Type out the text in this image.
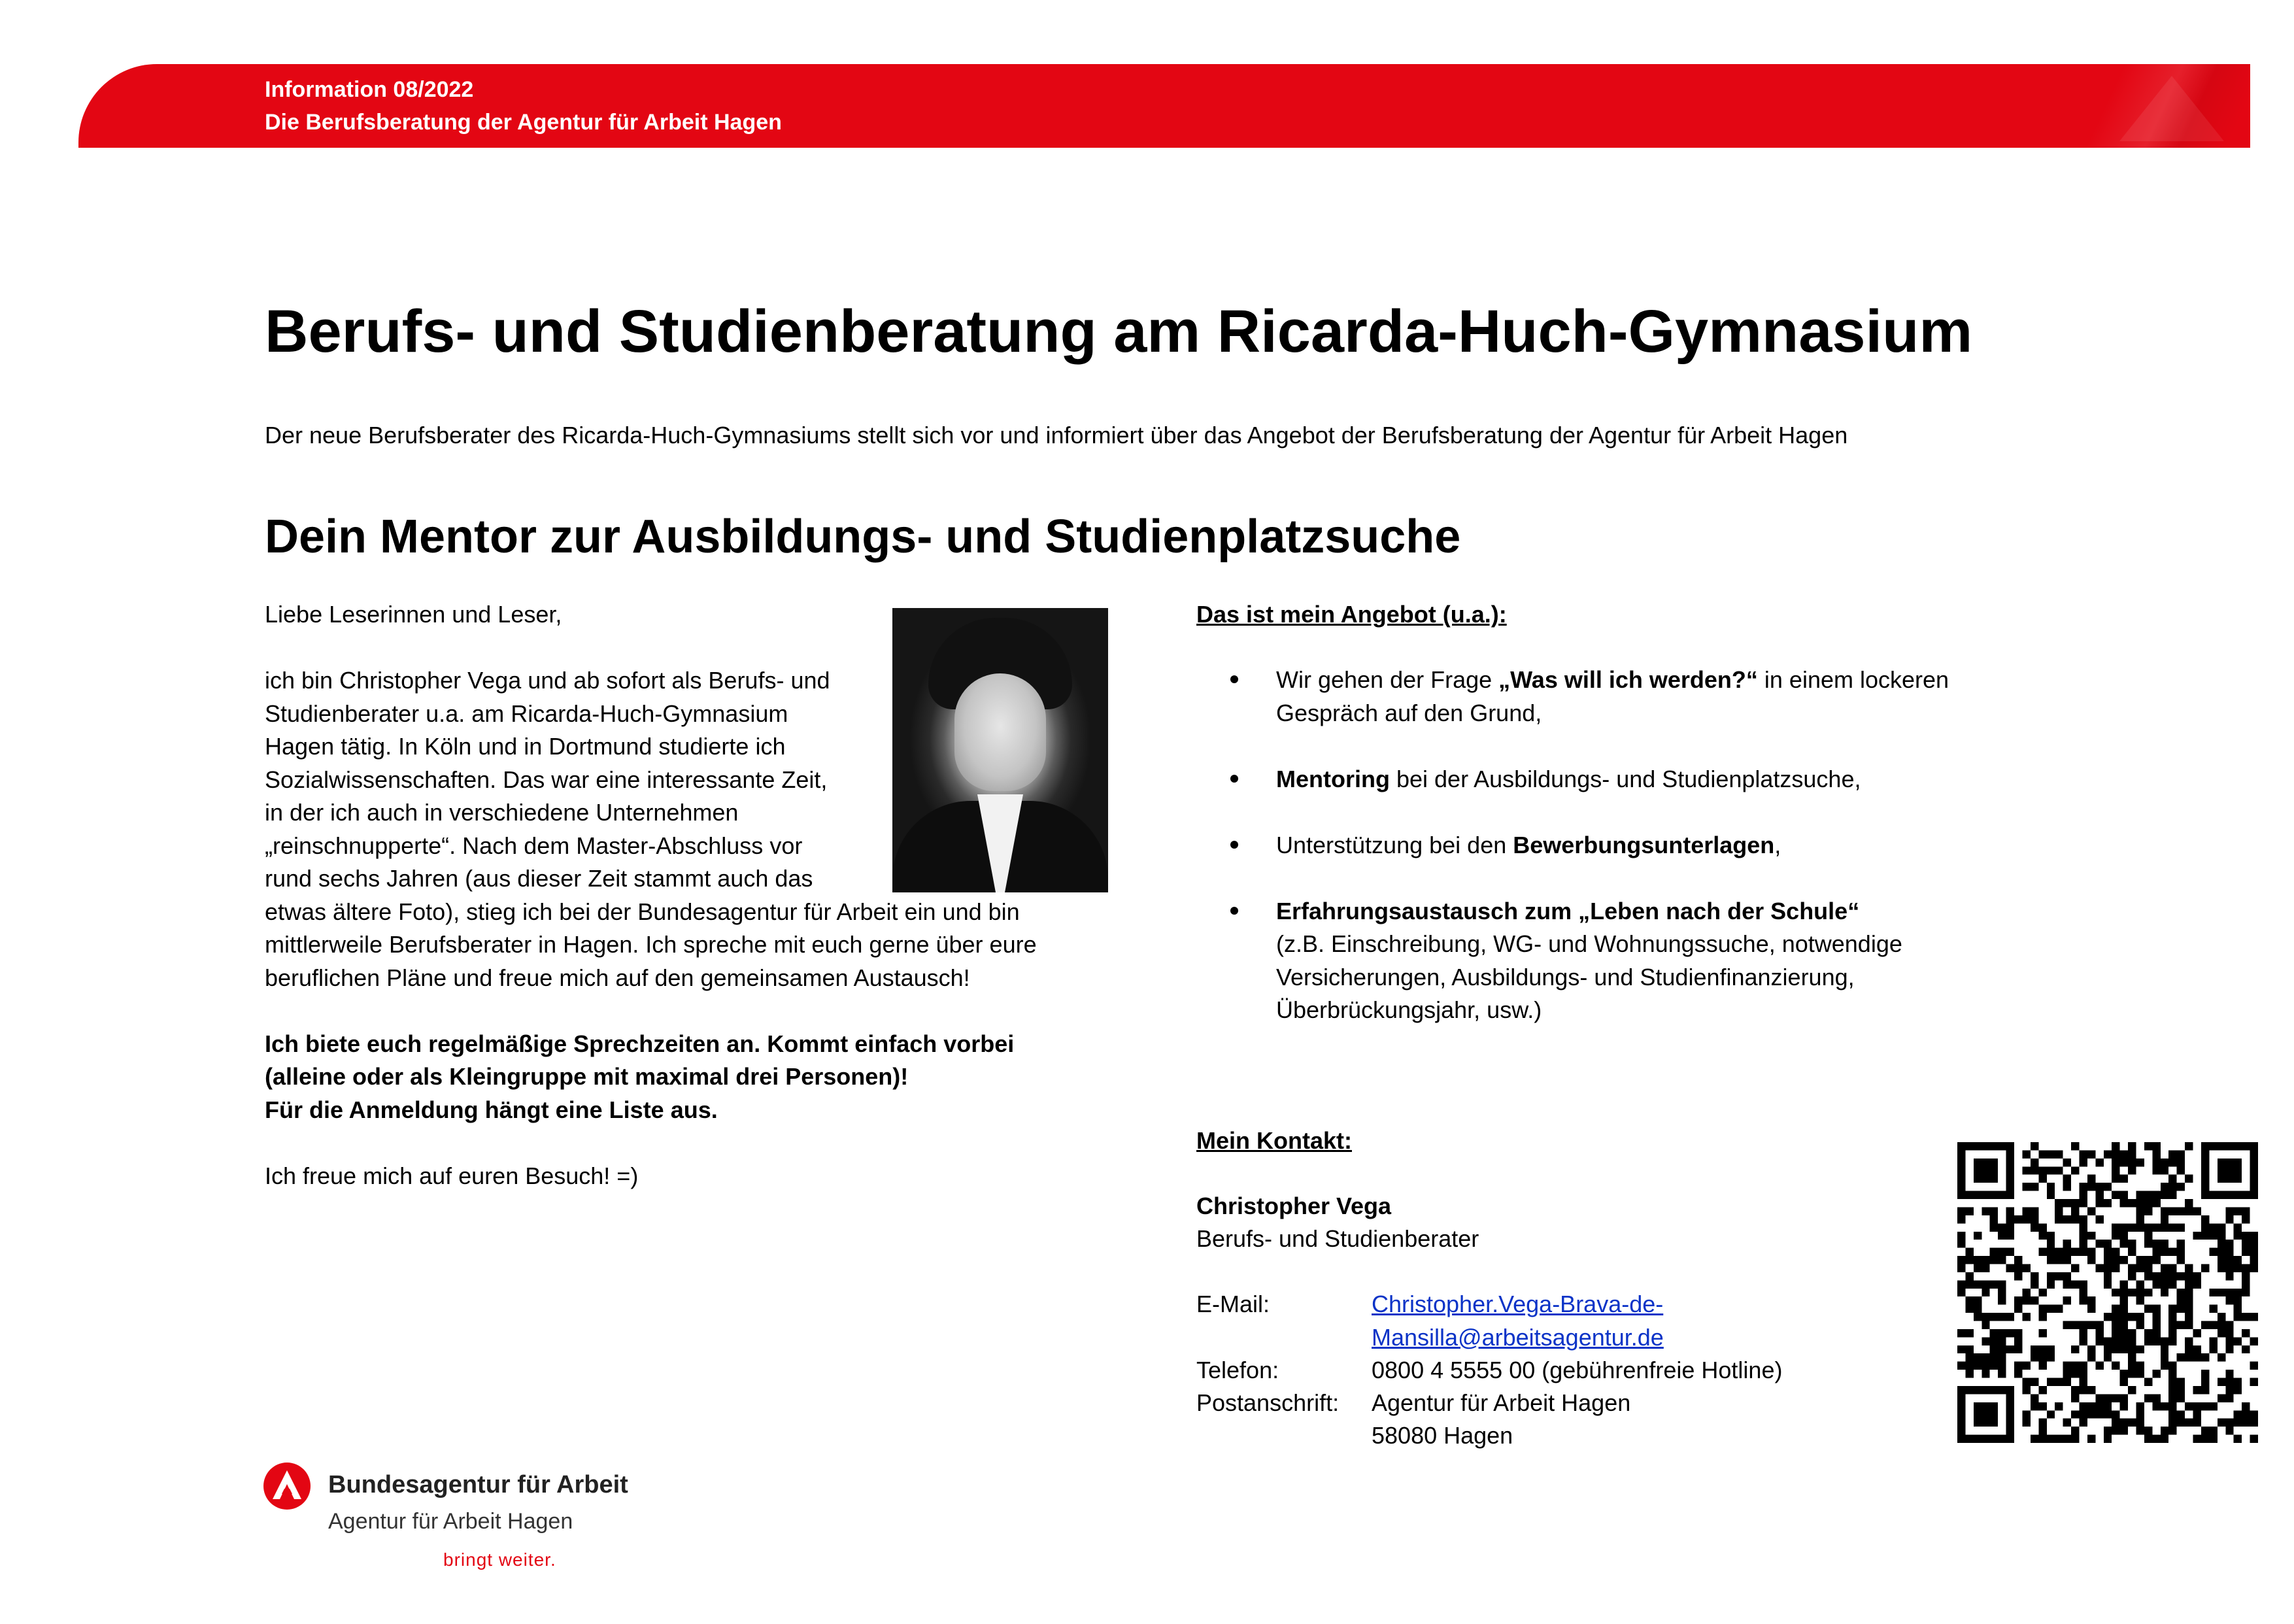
Information 08/2022
Die Berufsberatung der Agentur für Arbeit Hagen
Berufs- und Studienberatung am Ricarda-Huch-Gymnasium
Der neue Berufsberater des Ricarda-Huch-Gymnasiums stellt sich vor und informiert über das Angebot der Berufsberatung der Agentur für Arbeit Hagen
Dein Mentor zur Ausbildungs- und Studienplatzsuche

Liebe Leserinnen und Leser,

ich bin Christopher Vega und ab sofort als Berufs- und

Studienberater u.a. am Ricarda-Huch-Gymnasium

Hagen tätig. In Köln und in Dortmund studierte ich

Sozialwissenschaften. Das war eine interessante Zeit,

in der ich auch in verschiedene Unternehmen

„reinschnupperte“. Nach dem Master-Abschluss vor

rund sechs Jahren (aus dieser Zeit stammt auch das

etwas ältere Foto), stieg ich bei der Bundesagentur für Arbeit ein und bin

mittlerweile Berufsberater in Hagen. Ich spreche mit euch gerne über eure

beruflichen Pläne und freue mich auf den gemeinsamen Austausch!

Ich biete euch regelmäßige Sprechzeiten an. Kommt einfach vorbei

(alleine oder als Kleingruppe mit maximal drei Personen)!

Für die Anmeldung hängt eine Liste aus.

Ich freue mich auf euren Besuch! =)

Das ist mein Angebot (u.a.):
Wir gehen der Frage „Was will ich werden?“ in einem lockeren
Gespräch auf den Grund,
Mentoring bei der Ausbildungs- und Studienplatzsuche,
Unterstützung bei den Bewerbungsunterlagen,
Erfahrungsaustausch zum „Leben nach der Schule“
(z.B. Einschreibung, WG- und Wohnungssuche, notwendige
Versicherungen, Ausbildungs- und Studienfinanzierung,
Überbrückungsjahr, usw.)
Mein Kontakt:
Christopher Vega
Berufs- und Studienberater
E-Mail:	Christopher.Vega-Brava-de-
Mansilla@arbeitsagentur.de
Telefon:	0800 4 5555 00 (gebührenfreie Hotline)
Postanschrift: Agentur für Arbeit Hagen
58080 Hagen
Bundesagentur für Arbeit
Agentur für Arbeit Hagen
bringt weiter.
